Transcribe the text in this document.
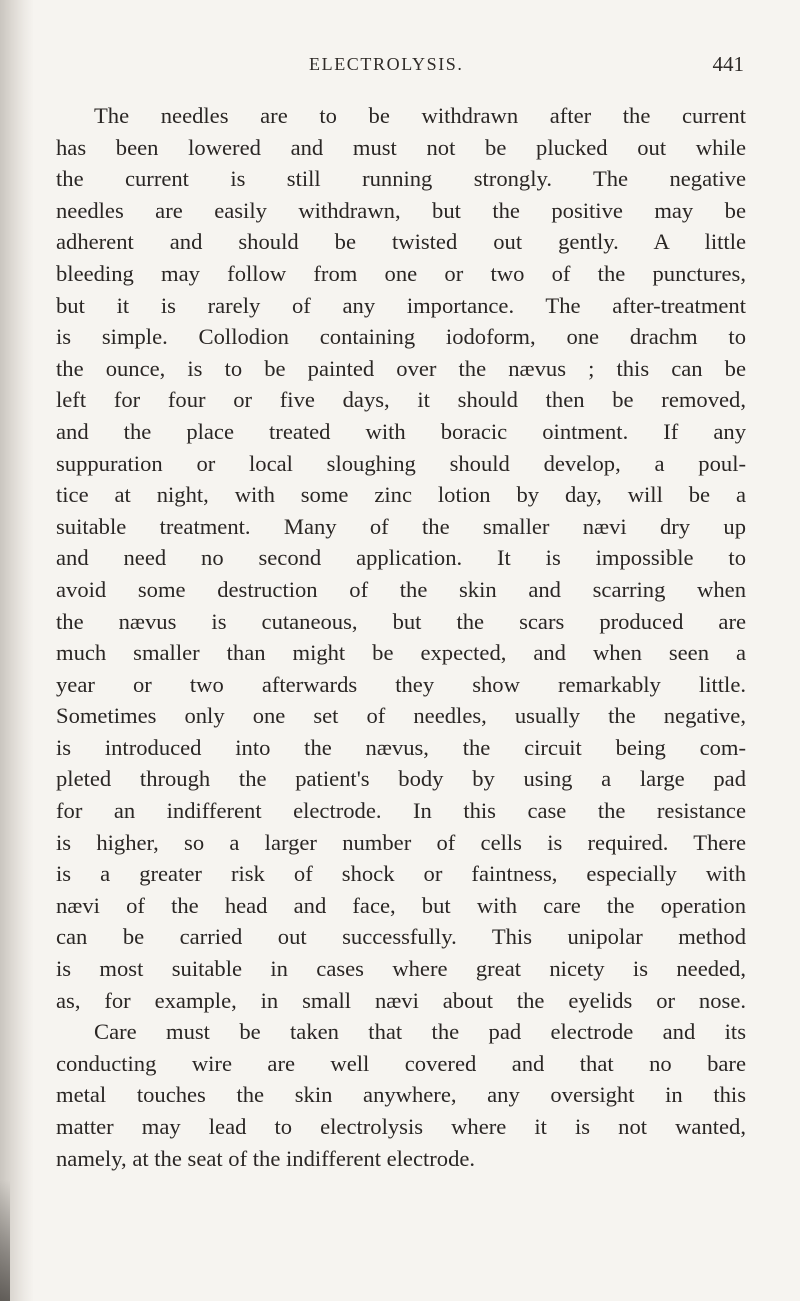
ELECTROLYSIS.	441
The needles are to be withdrawn after the current
has been lowered and must not be plucked out while
the current is still running strongly. The negative
needles are easily withdrawn, but the positive may be
adherent and should be twisted out gently. A little
bleeding may follow from one or two of the punctures,
but it is rarely of any importance. The after-treatment
is simple. Collodion containing iodoform, one drachm to
the ounce, is to be painted over the nævus ; this can be
left for four or five days, it should then be removed,
and the place treated with boracic ointment. If any
suppuration or local sloughing should develop, a poul-
tice at night, with some zinc lotion by day, will be a
suitable treatment. Many of the smaller nævi dry up
and need no second application. It is impossible to
avoid some destruction of the skin and scarring when
the nævus is cutaneous, but the scars produced are
much smaller than might be expected, and when seen a
year or two afterwards they show remarkably little.
Sometimes only one set of needles, usually the negative,
is introduced into the nævus, the circuit being com-
pleted through the patient's body by using a large pad
for an indifferent electrode. In this case the resistance
is higher, so a larger number of cells is required. There
is a greater risk of shock or faintness, especially with
nævi of the head and face, but with care the operation
can be carried out successfully. This unipolar method
is most suitable in cases where great nicety is needed,
as, for example, in small nævi about the eyelids or nose.
Care must be taken that the pad electrode and its
conducting wire are well covered and that no bare
metal touches the skin anywhere, any oversight in this
matter may lead to electrolysis where it is not wanted,
namely, at the seat of the indifferent electrode.
